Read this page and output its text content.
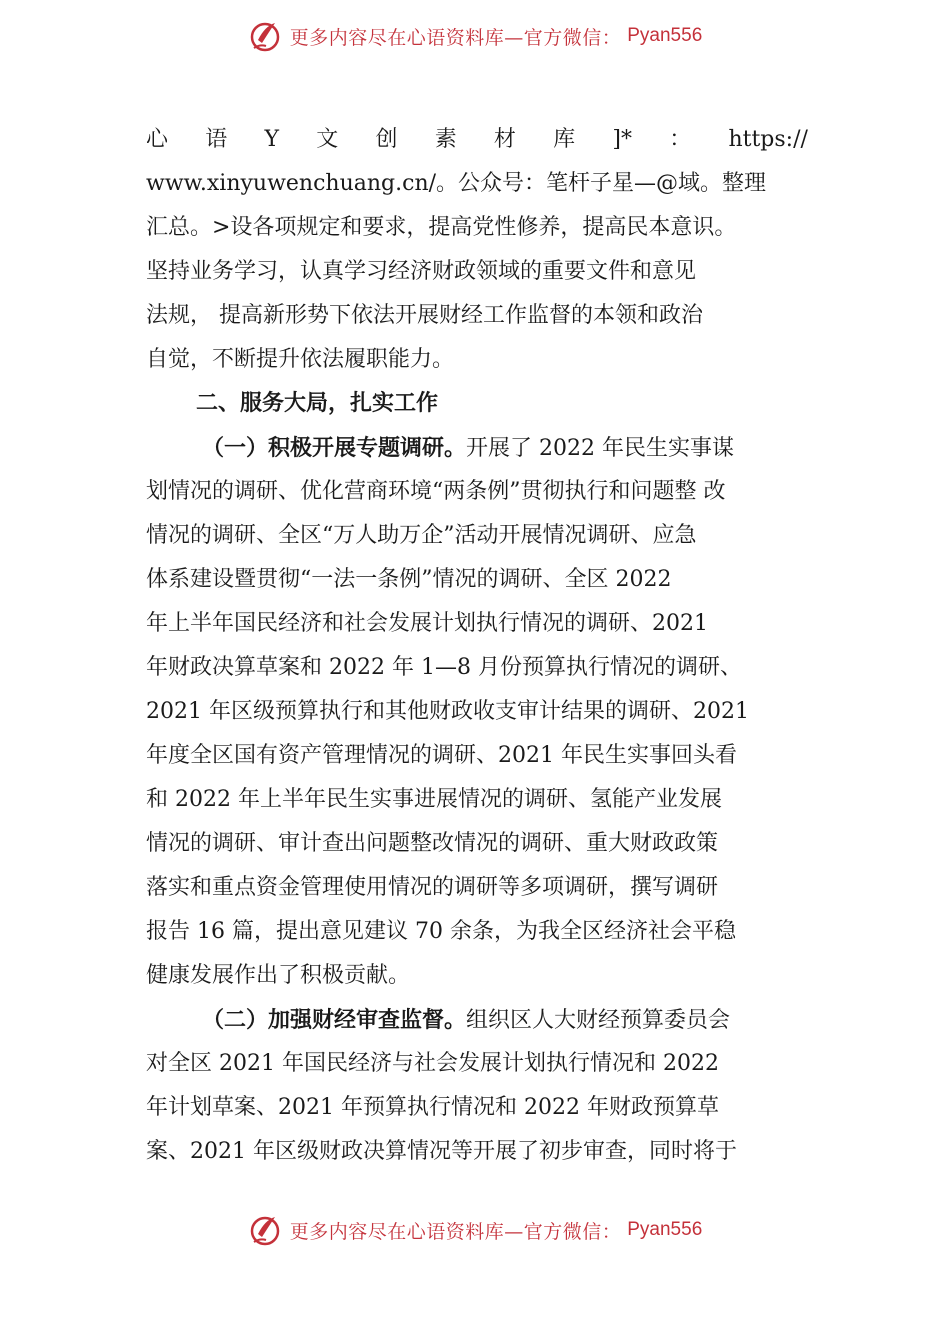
更多内容尽在心语资料库—官方微信： Pyan556
心 语 Y 文 创 素 材 库 ]* ： https://
www.xinyuwenchuang.cn/。公众号：笔杆子星—@域。整理
汇总。>设各项规定和要求，提高党性修养，提高民本意识。
坚持业务学习，认真学习经济财政领域的重要文件和意见
法规， 提高新形势下依法开展财经工作监督的本领和政治
自觉，不断提升依法履职能力。
二、服务大局，扎实工作
（一）积极开展专题调研。开展了 2022 年民生实事谋
划情况的调研、优化营商环境“两条例”贯彻执行和问题整 改
情况的调研、全区“万人助万企”活动开展情况调研、应急
体系建设暨贯彻“一法一条例”情况的调研、全区 2022
年上半年国民经济和社会发展计划执行情况的调研、2021
年财政决算草案和 2022 年 1—8 月份预算执行情况的调研、
2021 年区级预算执行和其他财政收支审计结果的调研、2021
年度全区国有资产管理情况的调研、2021 年民生实事回头看
和 2022 年上半年民生实事进展情况的调研、氢能产业发展
情况的调研、审计查出问题整改情况的调研、重大财政政策
落实和重点资金管理使用情况的调研等多项调研，撰写调研
报告 16 篇，提出意见建议 70 余条，为我全区经济社会平稳
健康发展作出了积极贡献。
（二）加强财经审查监督。组织区人大财经预算委员会
对全区 2021 年国民经济与社会发展计划执行情况和 2022
年计划草案、2021 年预算执行情况和 2022 年财政预算草
案、2021 年区级财政决算情况等开展了初步审查，同时将于
更多内容尽在心语资料库—官方微信： Pyan556
